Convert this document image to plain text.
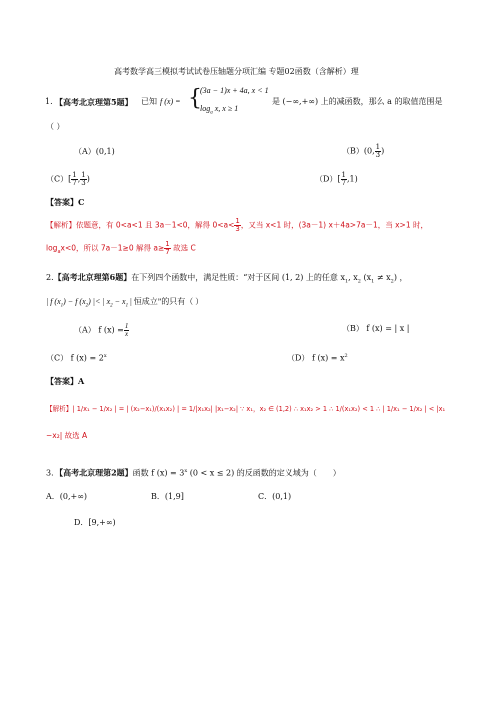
高考数学高三模拟考试试卷压轴题分项汇编 专题02函数（含解析）理
1. 【高考北京理第5题】 已知 f (x) = {
(3a − 1)x + 4a, x < 1
$\log_a x$, x ≥ 1
是 (−∞,+∞) 上的减函数，那么 a 的取值范围是
（ ）
（A）(0,1)	（B）(0, $\frac{1}{3}$ )
$(C)[ \frac{1}{7}$ , $\frac{1}{3}$ )	$(D)[ \frac{1}{7} ,1)$
【答案】C
【解析】依题意，有 0<a<1 且 3a－1<0，解得 $0<a< \frac{1}{3}$ ，又当 x<1 时，(3a－1) x＋4a>7a－1，当 x>1 时，
$\log_ax<0$，所以 7a－1≥0 解得 $a\ge \frac{1}{7}$ 故选 C
2.【高考北京理第6题】在下列四个函数中，满足性质：“对于区间 (1, 2) 上的任意 $x_1$, $x_2$ $(x_1 \ne x_2)$ ，
| f $(x_1) - f$ $(x_2)$ |< | $x_2 - x_1$ | 恒成立”的只有（ ）
（A） f $(x) = \frac{1}{x}$	（B） f (x) = | x |
（C） f $(x) = 2^x$	（D） f $(x) = x^2$
【答案】A
【解析】| 1/x₁ − 1/x₂ | = | (x₂−x₁)/(x₁x₂) | = 1/|x₁x₂| |x₁−x₂| ∵ x₁，x₂ ∈ (1,2) ∴ x₁x₂ > 1 ∴ 1/(x₁x₂) < 1 ∴ | 1/x₁ − 1/x₂ | < |x₁
−x₂| 故选 A
3．【高考北京理第2题】函数 f $(x) = 3^x$ (0 < x ≤ 2) 的反函数的定义域为（　　）
A．(0,+∞)	B．(1,9]	C．(0,1)
D．[9,+∞)
